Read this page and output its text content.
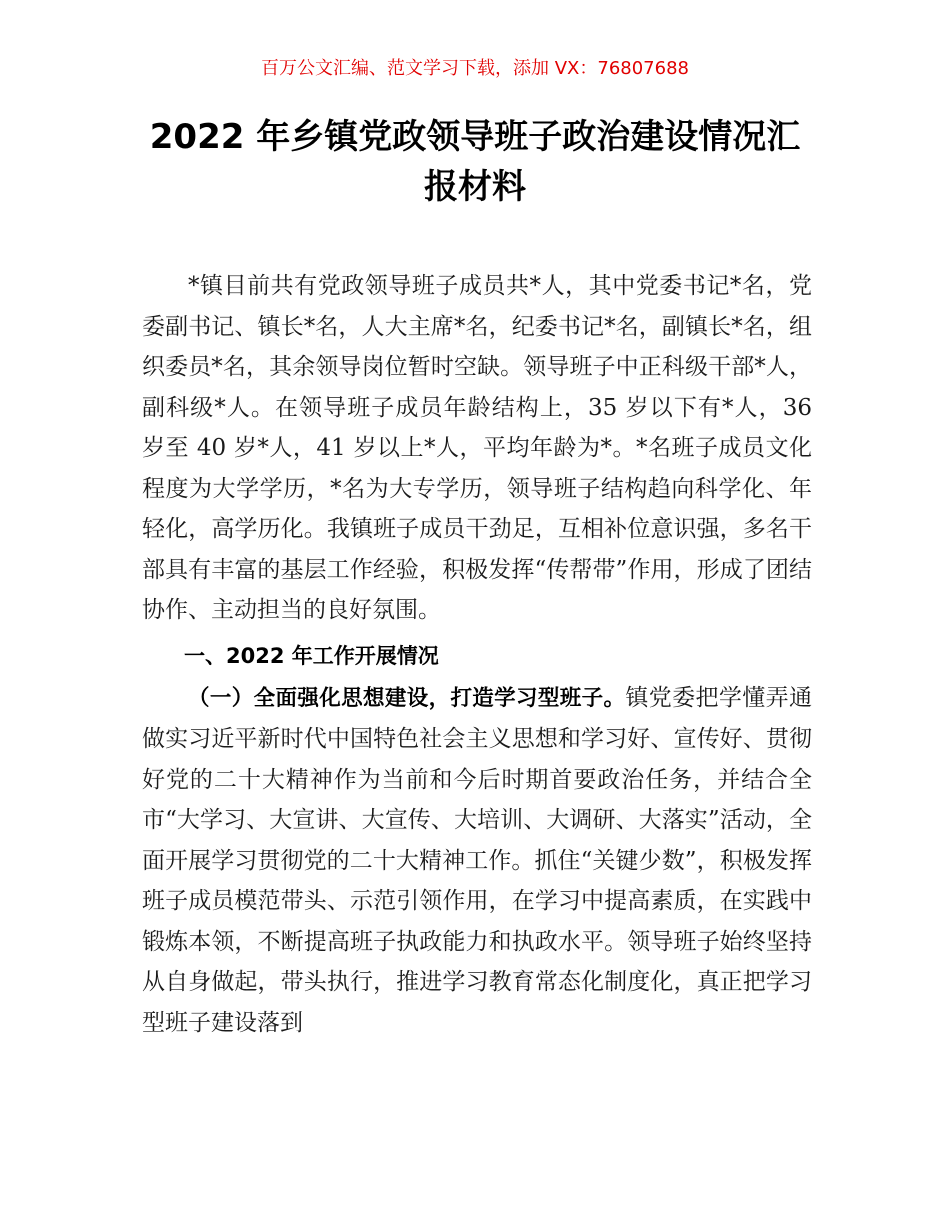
百万公文汇编、范文学习下载，添加 VX：76807688
2022 年乡镇党政领导班子政治建设情况汇
报材料

*镇目前共有党政领导班子成员共*人，其中党委书记*名，党委副书记、镇长*名，人大主席*名，纪委书记*名，副镇长*名，组织委员*名，其余领导岗位暂时空缺。领导班子中正科级干部*人，副科级*人。在领导班子成员年龄结构上，35 岁以下有*人，36 岁至 40 岁*人，41 岁以上*人，平均年龄为*。*名班子成员文化程度为大学学历，*名为大专学历，领导班子结构趋向科学化、年轻化，高学历化。我镇班子成员干劲足，互相补位意识强，多名干部具有丰富的基层工作经验，积极发挥“传帮带”作用，形成了团结协作、主动担当的良好氛围。

一、2022 年工作开展情况

（一）全面强化思想建设，打造学习型班子。镇党委把学懂弄通做实习近平新时代中国特色社会主义思想和学习好、宣传好、贯彻好党的二十大精神作为当前和今后时期首要政治任务，并结合全市“大学习、大宣讲、大宣传、大培训、大调研、大落实”活动，全面开展学习贯彻党的二十大精神工作。抓住“关键少数”，积极发挥班子成员模范带头、示范引领作用，在学习中提高素质，在实践中锻炼本领，不断提高班子执政能力和执政水平。领导班子始终坚持从自身做起，带头执行，推进学习教育常态化制度化，真正把学习型班子建设落到
